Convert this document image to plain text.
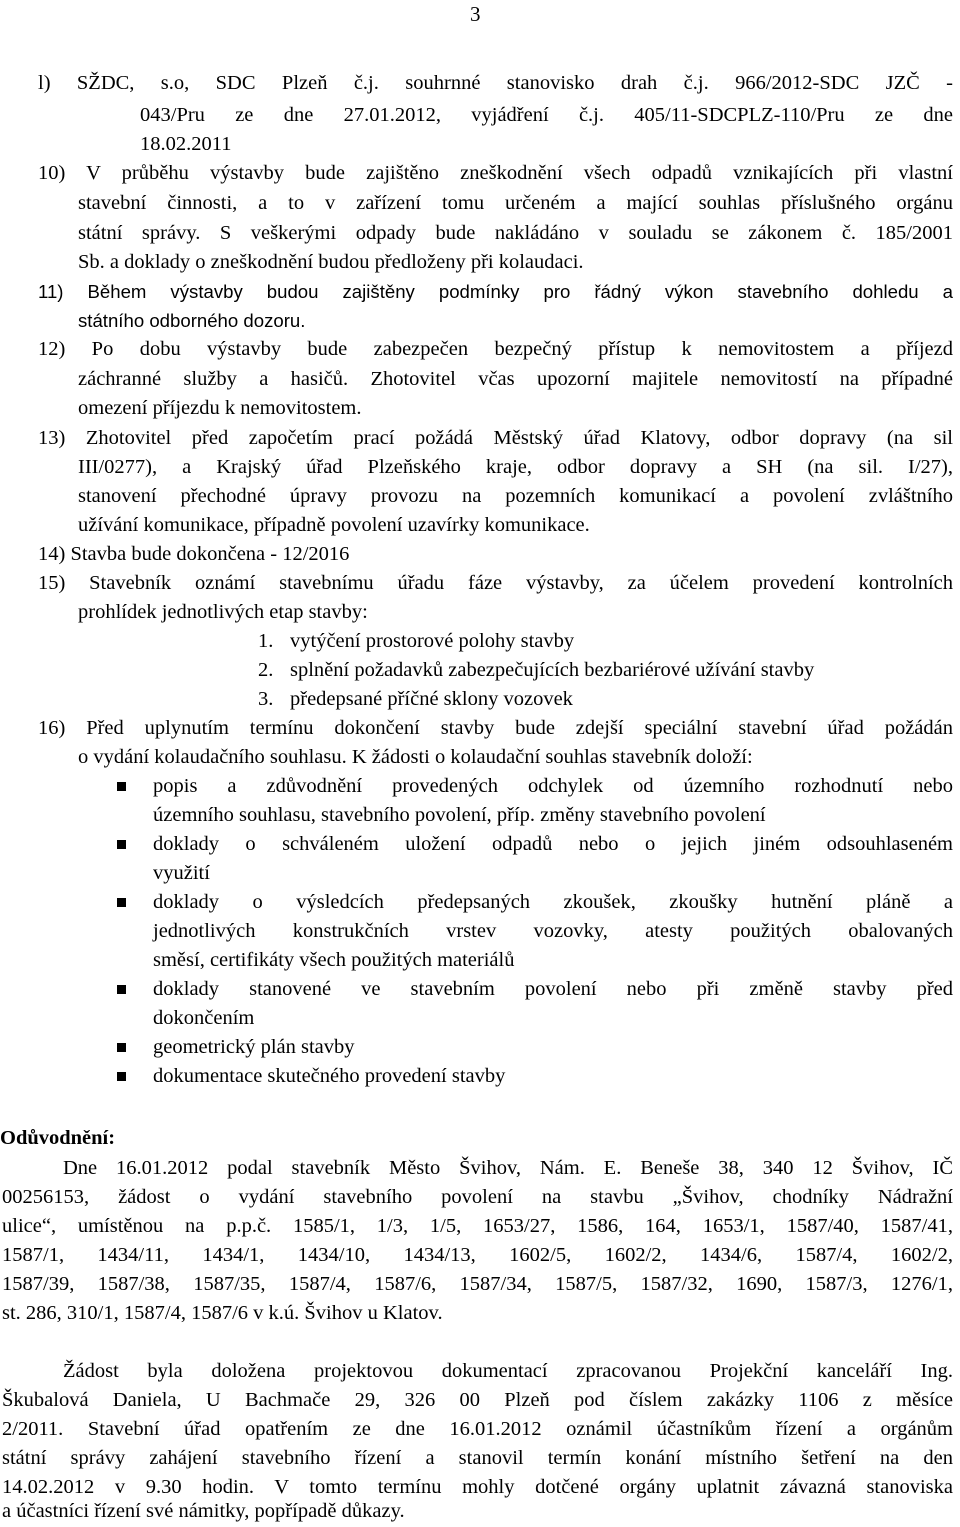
3
l) SŽDC, s.o, SDC Plzeň č.j. souhrnné stanovisko drah č.j. 966/2012-SDC JZČ -
043/Pru ze dne 27.01.2012, vyjádření č.j. 405/11-SDCPLZ-110/Pru ze dne
18.02.2011
10) V průběhu výstavby bude zajištěno zneškodnění všech odpadů vznikajících při vlastní
stavební činnosti, a to v zařízení tomu určeném a mající souhlas příslušného orgánu
státní správy. S veškerými odpady bude nakládáno v souladu se zákonem č. 185/2001
Sb. a doklady o zneškodnění budou předloženy při kolaudaci.
11) Během výstavby budou zajištěny podmínky pro řádný výkon stavebního dohledu a
státního odborného dozoru.
12) Po dobu výstavby bude zabezpečen bezpečný přístup k nemovitostem a příjezd
záchranné služby a hasičů. Zhotovitel včas upozorní majitele nemovitostí na případné
omezení příjezdu k nemovitostem.
13) Zhotovitel před započetím prací požádá Městský úřad Klatovy, odbor dopravy (na sil
III/0277), a Krajský úřad Plzeňského kraje, odbor dopravy a SH (na sil. I/27),
stanovení přechodné úpravy provozu na pozemních komunikací a povolení zvláštního
užívání komunikace, případně povolení uzavírky komunikace.
14) Stavba bude dokončena - 12/2016
15) Stavebník oznámí stavebnímu úřadu fáze výstavby, za účelem provedení kontrolních
prohlídek jednotlivých etap stavby:
1. vytýčení prostorové polohy stavby
2. splnění požadavků zabezpečujících bezbariérové užívání stavby
3. předepsané příčné sklony vozovek
16) Před uplynutím termínu dokončení stavby bude zdejší speciální stavební úřad požádán
o vydání kolaudačního souhlasu. K žádosti o kolaudační souhlas stavebník doloží:
popis a zdůvodnění provedených odchylek od územního rozhodnutí nebo
územního souhlasu, stavebního povolení, příp. změny stavebního povolení
doklady o schváleném uložení odpadů nebo o jejich jiném odsouhlaseném
využití
doklady o výsledcích předepsaných zkoušek, zkoušky hutnění pláně a
jednotlivých konstrukčních vrstev vozovky, atesty použitých obalovaných
směsí, certifikáty všech použitých materiálů
doklady stanovené ve stavebním povolení nebo při změně stavby před
dokončením
geometrický plán stavby
dokumentace skutečného provedení stavby
Odůvodnění:
Dne 16.01.2012 podal stavebník Město Švihov, Nám. E. Beneše 38, 340 12 Švihov, IČ
00256153, žádost o vydání stavebního povolení na stavbu „Švihov, chodníky Nádražní
ulice“, umístěnou na p.p.č. 1585/1, 1/3, 1/5, 1653/27, 1586, 164, 1653/1, 1587/40, 1587/41,
1587/1, 1434/11, 1434/1, 1434/10, 1434/13, 1602/5, 1602/2, 1434/6, 1587/4, 1602/2,
1587/39, 1587/38, 1587/35, 1587/4, 1587/6, 1587/34, 1587/5, 1587/32, 1690, 1587/3, 1276/1,
st. 286, 310/1, 1587/4, 1587/6 v k.ú. Švihov u Klatov.
Žádost byla doložena projektovou dokumentací zpracovanou Projekční kanceláří Ing.
Škubalová Daniela, U Bachmače 29, 326 00 Plzeň pod číslem zakázky 1106 z měsíce
2/2011. Stavební úřad opatřením ze dne 16.01.2012 oznámil účastníkům řízení a orgánům
státní správy zahájení stavebního řízení a stanovil termín konání místního šetření na den
14.02.2012 v 9.30 hodin. V tomto termínu mohly dotčené orgány uplatnit závazná stanoviska
a účastníci řízení své námitky, popřípadě důkazy.
